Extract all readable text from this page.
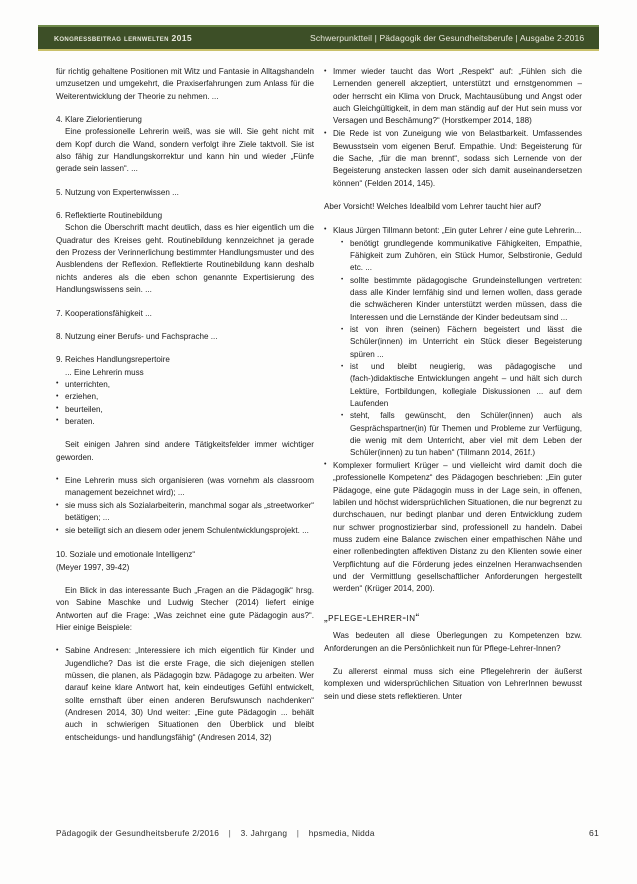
kongressbeitrag lernwelten 2015	Schwerpunktteil | Pädagogik der Gesundheitsberufe | Ausgabe 2-2016

für richtig gehaltene Positionen mit Witz und Fantasie in Alltagshandeln umzusetzen und umgekehrt, die Praxiserfahrungen zum Anlass für die Weiterentwicklung der Theorie zu nehmen. ...

4. Klare Zielorientierung

Eine professionelle Lehrerin weiß, was sie will. Sie geht nicht mit dem Kopf durch die Wand, sondern verfolgt ihre Ziele taktvoll. Sie ist also fähig zur Handlungskorrektur und kann hin und wieder „Fünfe gerade sein lassen“. ...

5. Nutzung von Expertenwissen ...

6. Reflektierte Routinebildung

Schon die Überschrift macht deutlich, dass es hier eigentlich um die Quadratur des Kreises geht. Routinebildung kennzeichnet ja gerade den Prozess der Verinnerlichung bestimmter Handlungsmuster und des Ausblendens der Reflexion. Reflektierte Routinebildung kann deshalb nichts anderes als die eben schon genannte Expertisierung des Handlungswissens sein. ...

7. Kooperationsfähigkeit ...

8. Nutzung einer Berufs- und Fachsprache ...

9. Reiches Handlungsrepertoire

... Eine Lehrerin muss

• unterrichten,
• erziehen,
• beurteilen,
• beraten.

Seit einigen Jahren sind andere Tätigkeitsfelder immer wichtiger geworden.

• Eine Lehrerin muss sich organisieren (was vornehm als classroom management bezeichnet wird); ...
• sie muss sich als Sozialarbeiterin, manchmal sogar als „streetworker“ betätigen; ...
• sie beteiligt sich an diesem oder jenem Schulentwicklungsprojekt. ...

10. Soziale und emotionale Intelligenz“

(Meyer 1997, 39-42)

Ein Blick in das interessante Buch „Fragen an die Pädagogik“ hrsg. von Sabine Maschke und Ludwig Stecher (2014) liefert einige Antworten auf die Frage: „Was zeichnet eine gute Pädagogin aus?“. Hier einige Beispiele:

• Sabine Andresen: „Interessiere ich mich eigentlich für Kinder und Jugendliche? Das ist die erste Frage, die sich diejenigen stellen müssen, die planen, als Pädagogin bzw. Pädagoge zu arbeiten. Wer darauf keine klare Antwort hat, kein eindeutiges Gefühl entwickelt, sollte ernsthaft über einen anderen Berufswunsch nachdenken“ (Andresen 2014, 30) Und weiter: „Eine gute Pädagogin ... behält auch in schwierigen Situationen den Überblick und bleibt entscheidungs- und handlungsfähig“ (Andresen 2014, 32)
• Immer wieder taucht das Wort „Respekt“ auf: „Fühlen sich die Lernenden generell akzeptiert, unterstützt und ernstgenommen – oder herrscht ein Klima von Druck, Machtausübung und Angst oder auch Gleichgültigkeit, in dem man ständig auf der Hut sein muss vor Versagen und Beschämung?“ (Horstkemper 2014, 188)
• Die Rede ist von Zuneigung wie von Belastbarkeit. Umfassendes Bewusstsein vom eigenen Beruf. Empathie. Und: Begeisterung für die Sache, „für die man brennt“, sodass sich Lernende von der Begeisterung anstecken lassen oder sich damit auseinandersetzen können“ (Felden 2014, 145).

Aber Vorsicht! Welches Idealbild vom Lehrer taucht hier auf?

• Klaus Jürgen Tillmann betont: „Ein guter Lehrer / eine gute Lehrerin...
• benötigt grundlegende kommunikative Fähigkeiten, Empathie, Fähigkeit zum Zuhören, ein Stück Humor, Selbstironie, Geduld etc. ...
• sollte bestimmte pädagogische Grundeinstellungen vertreten: dass alle Kinder lernfähig sind und lernen wollen, dass gerade die schwächeren Kinder unterstützt werden müssen, dass die Interessen und die Lernstände der Kinder bedeutsam sind ...
• ist von ihren (seinen) Fächern begeistert und lässt die Schüler(innen) im Unterricht ein Stück dieser Begeisterung spüren ...
• ist und bleibt neugierig, was pädagogische und (fach-)didaktische Entwicklungen angeht – und hält sich durch Lektüre, Fortbildungen, kollegiale Diskussionen ... auf dem Laufenden
• steht, falls gewünscht, den Schüler(innen) auch als Gesprächspartner(in) für Themen und Probleme zur Verfügung, die wenig mit dem Unterricht, aber viel mit dem Leben der Schüler(innen) zu tun haben“ (Tillmann 2014, 261f.)
• Komplexer formuliert Krüger – und vielleicht wird damit doch die „professionelle Kompetenz“ des Pädagogen beschrieben: „Ein guter Pädagoge, eine gute Pädagogin muss in der Lage sein, in offenen, labilen und höchst widersprüchlichen Situationen, die nur begrenzt zu durchschauen, nur bedingt planbar und deren Entwicklung zudem nur schwer prognostizierbar sind, professionell zu handeln. Dabei muss zudem eine Balance zwischen einer empathischen Nähe und einer rollenbedingten affektiven Distanz zu den Klienten sowie einer Verpflichtung auf die Förderung jedes einzelnen Heranwachsenden und der Vermittlung gesellschaftlicher Anforderungen hergestellt werden“ (Krüger 2014, 200).

„pflege-lehrer-in“

Was bedeuten all diese Überlegungen zu Kompetenzen bzw. Anforderungen an die Persönlichkeit nun für Pflege-Lehrer-Innen?

Zu allererst einmal muss sich eine Pflegelehrerin der äußerst komplexen und widersprüchlichen Situation von LehrerInnen bewusst sein und diese stets reflektieren. Unter

Pädagogik der Gesundheitsberufe 2/2016 | 3. Jahrgang | hpsmedia, Nidda	61
